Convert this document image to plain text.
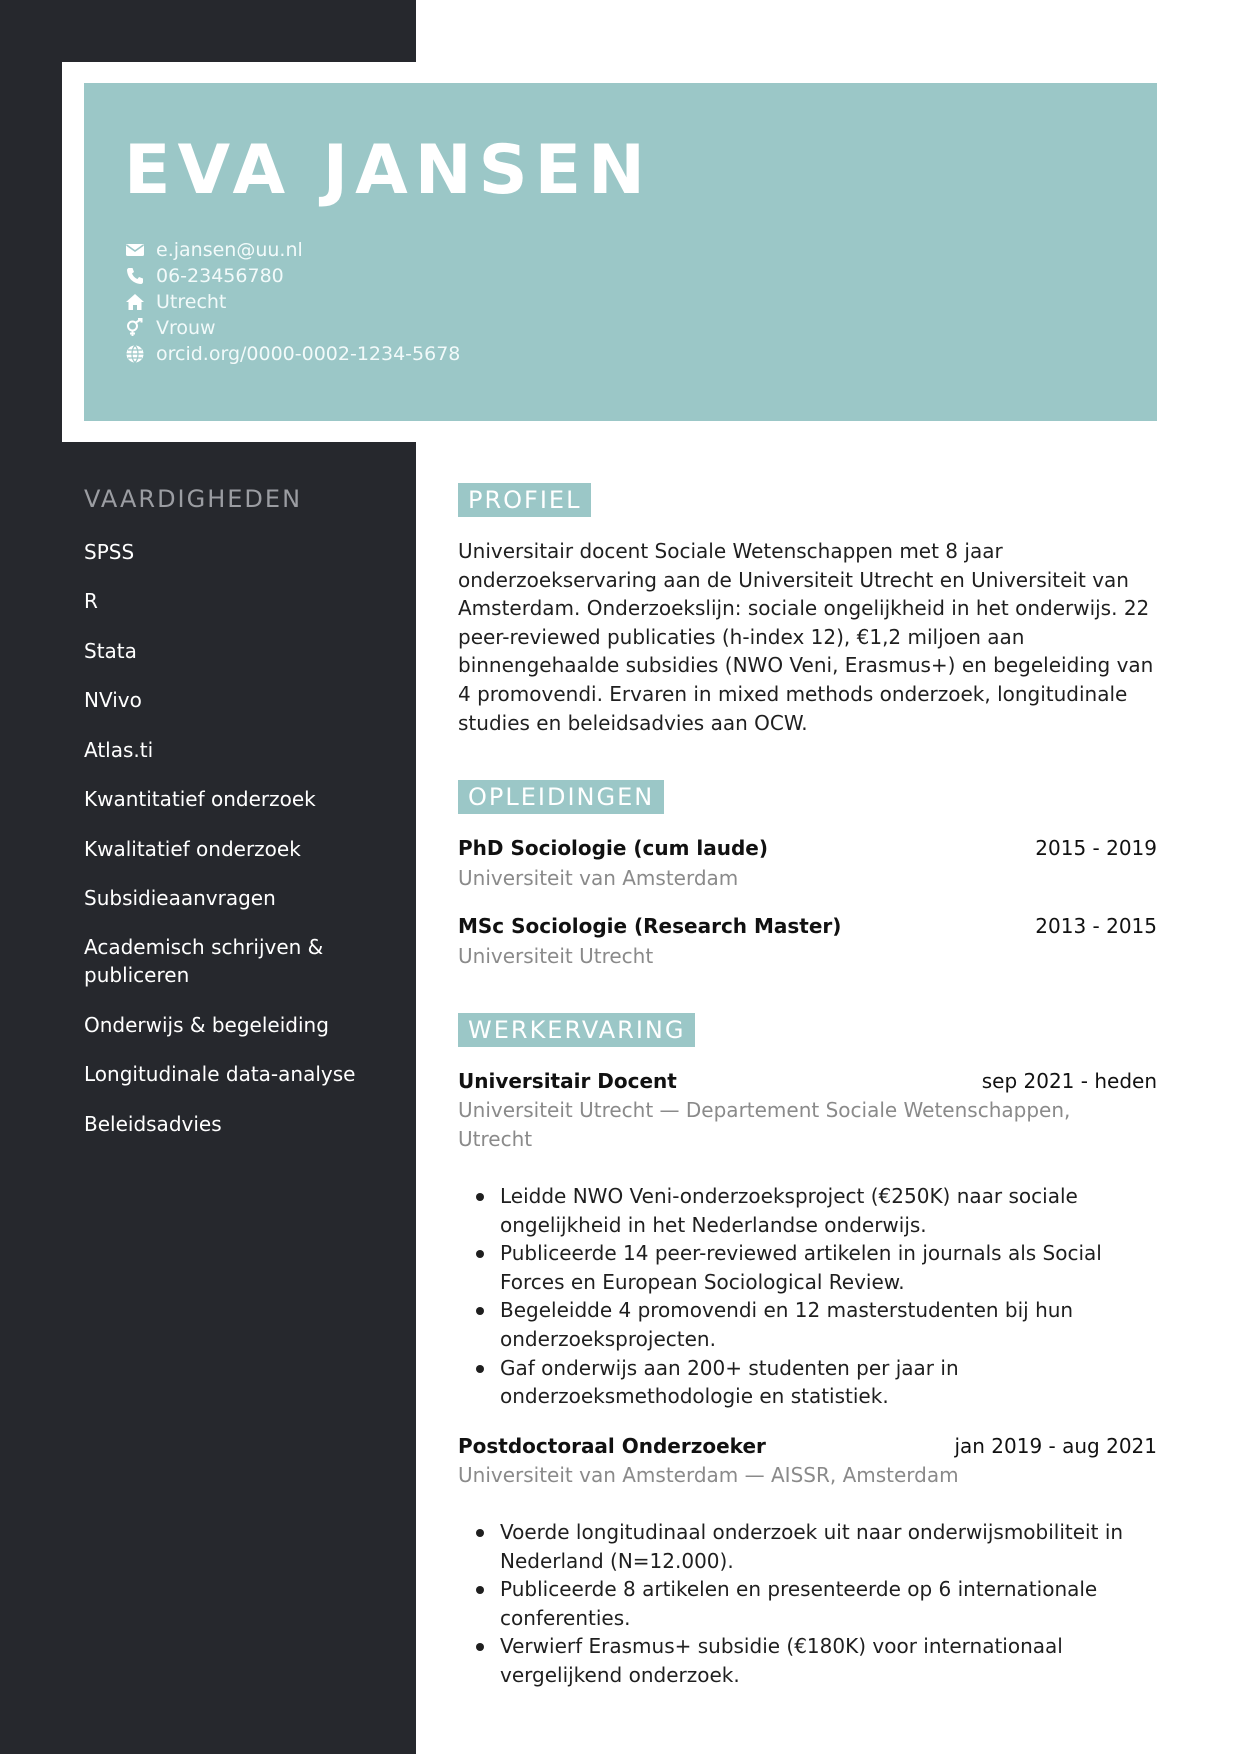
EVA JANSEN
e.jansen@uu.nl
06-23456780
Utrecht
Vrouw
orcid.org/0000-0002-1234-5678
VAARDIGHEDEN
SPSS
R
Stata
NVivo
Atlas.ti
Kwantitatief onderzoek
Kwalitatief onderzoek
Subsidieaanvragen
Academisch schrijven & publiceren
Onderwijs & begeleiding
Longitudinale data-analyse
Beleidsadvies
PROFIEL

Universitair docent Sociale Wetenschappen met 8 jaar onderzoekservaring aan de Universiteit Utrecht en Universiteit van Amsterdam. Onderzoekslijn: sociale ongelijkheid in het onderwijs. 22 peer-reviewed publicaties (h-index 12), €1,2 miljoen aan binnengehaalde subsidies (NWO Veni, Erasmus+) en begeleiding van 4 promovendi. Ervaren in mixed methods onderzoek, longitudinale studies en beleidsadvies aan OCW.

OPLEIDINGEN
PhD Sociologie (cum laude)	2015 - 2019
Universiteit van Amsterdam
MSc Sociologie (Research Master)	2013 - 2015
Universiteit Utrecht
WERKERVARING
Universitair Docent	sep 2021 - heden
Universiteit Utrecht — Departement Sociale Wetenschappen, Utrecht
Leidde NWO Veni-onderzoeksproject (€250K) naar sociale ongelijkheid in het Nederlandse onderwijs.
Publiceerde 14 peer-reviewed artikelen in journals als Social Forces en European Sociological Review.
Begeleidde 4 promovendi en 12 masterstudenten bij hun onderzoeksprojecten.
Gaf onderwijs aan 200+ studenten per jaar in onderzoeksmethodologie en statistiek.
Postdoctoraal Onderzoeker	jan 2019 - aug 2021
Universiteit van Amsterdam — AISSR, Amsterdam
Voerde longitudinaal onderzoek uit naar onderwijsmobiliteit in Nederland (N=12.000).
Publiceerde 8 artikelen en presenteerde op 6 internationale conferenties.
Verwierf Erasmus+ subsidie (€180K) voor internationaal vergelijkend onderzoek.
